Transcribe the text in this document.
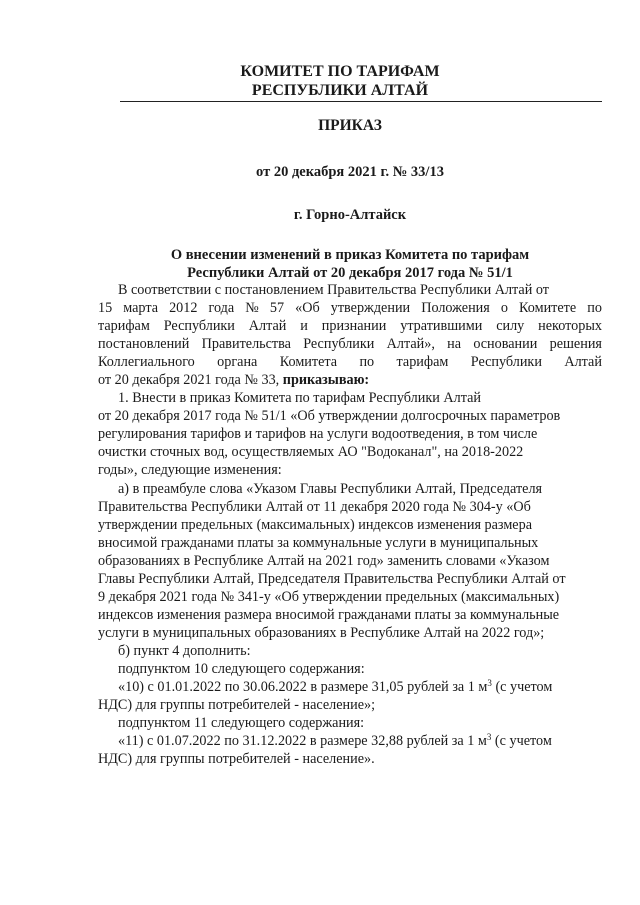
КОМИТЕТ ПО ТАРИФАМ
РЕСПУБЛИКИ АЛТАЙ
ПРИКАЗ
от 20 декабря 2021 г. № 33/13
г. Горно-Алтайск
О внесении изменений в приказ Комитета по тарифам
Республики Алтай от 20 декабря 2017 года № 51/1
В соответствии с постановлением Правительства Республики Алтай от
15 марта 2012 года № 57 «Об утверждении Положения о Комитете по
тарифам Республики Алтай и признании утратившими силу некоторых
постановлений Правительства Республики Алтай», на основании решения
Коллегиального органа Комитета по тарифам Республики Алтай
от 20 декабря 2021 года № 33, приказываю:
1. Внести в приказ Комитета по тарифам Республики Алтай
от 20 декабря 2017 года № 51/1 «Об утверждении долгосрочных параметров
регулирования тарифов и тарифов на услуги водоотведения, в том числе
очистки сточных вод, осуществляемых АО "Водоканал", на 2018-2022
годы», следующие изменения:
а) в преамбуле слова «Указом Главы Республики Алтай, Председателя
Правительства Республики Алтай от 11 декабря 2020 года № 304-у «Об
утверждении предельных (максимальных) индексов изменения размера
вносимой гражданами платы за коммунальные услуги в муниципальных
образованиях в Республике Алтай на 2021 год» заменить словами «Указом
Главы Республики Алтай, Председателя Правительства Республики Алтай от
9 декабря 2021 года № 341-у «Об утверждении предельных (максимальных)
индексов изменения размера вносимой гражданами платы за коммунальные
услуги в муниципальных образованиях в Республике Алтай на 2022 год»;
б) пункт 4 дополнить:
подпунктом 10 следующего содержания:
«10) с 01.01.2022 по 30.06.2022 в размере 31,05 рублей за 1 $м^3$ (с учетом
НДС) для группы потребителей - население»;
подпунктом 11 следующего содержания:
«11) с 01.07.2022 по 31.12.2022 в размере 32,88 рублей за 1 $м^3$ (с учетом
НДС) для группы потребителей - население».
